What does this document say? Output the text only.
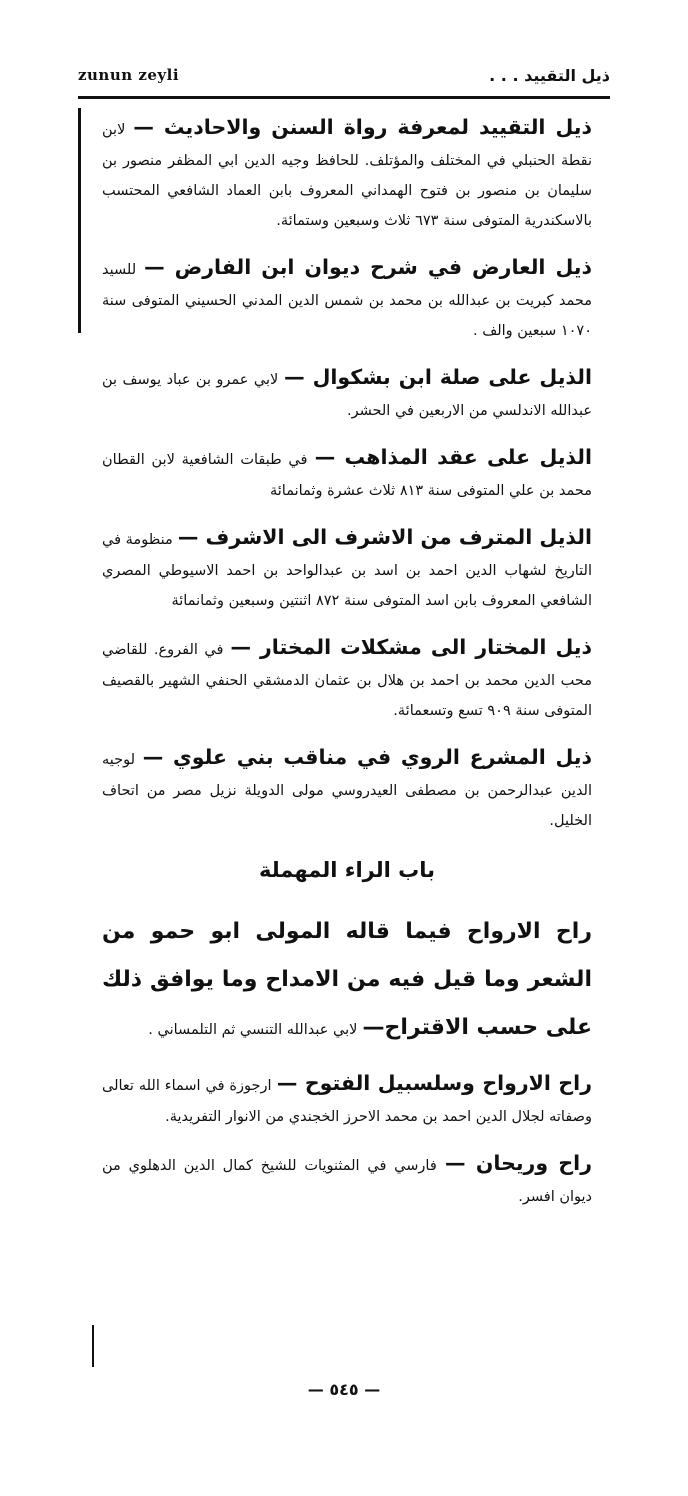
zunun zeyli	ذيل التقييد . . .
ذيل التقييد لمعرفة رواة السنن والاحاديث — لابن نقطة الحنبلي في المختلف والمؤتلف. للحافظ وجيه الدين ابي المظفر منصور بن سليمان بن منصور بن فتوح الهمداني المعروف بابن العماد الشافعي المحتسب بالاسكندرية المتوفى سنة ٦٧٣ ثلاث وسبعين وستمائة.
ذيل العارض في شرح ديوان ابن الفارض — للسيد محمد كبريت بن عبدالله بن محمد بن شمس الدين المدني الحسيني المتوفى سنة ١٠٧٠ سبعين والف .
الذيل على صلة ابن بشكوال — لابي عمرو بن عباد يوسف بن عبدالله الاندلسي من الاربعين في الحشر.
الذيل على عقد المذاهب — في طبقات الشافعية لابن القطان محمد بن علي المتوفى سنة ٨١٣ ثلاث عشرة وثمانمائة
الذيل المترف من الاشرف الى الاشرف — منظومة في التاريخ لشهاب الدين احمد بن اسد بن عبدالواحد بن احمد الاسيوطي المصري الشافعي المعروف بابن اسد المتوفى سنة ٨٧٢ اثنتين وسبعين وثمانمائة
ذيل المختار الى مشكلات المختار — في الفروع. للقاضي محب الدين محمد بن احمد بن هلال بن عثمان الدمشقي الحنفي الشهير بالقصيف المتوفى سنة ٩٠٩ تسع وتسعمائة.
ذيل المشرع الروي في مناقب بني علوي — لوجيه الدين عبدالرحمن بن مصطفى العيدروسي مولى الدويلة نزيل مصر من اتحاف الخليل.
باب الراء المهملة
راح الارواح فيما قاله المولى ابو حمو من الشعر وما قيل فيه من الامداح وما يوافق ذلك على حسب الاقتراح— لابي عبدالله التنسي ثم التلمساني .
راح الارواح وسلسبيل الفتوح — ارجوزة في اسماء الله تعالى وصفاته لجلال الدين احمد بن محمد الاحرز الخجندي من الانوار التفريدية.
راح وريحان — فارسي في المثنويات للشيخ كمال الدين الدهلوي من ديوان افسر.
— ٥٤٥ —
